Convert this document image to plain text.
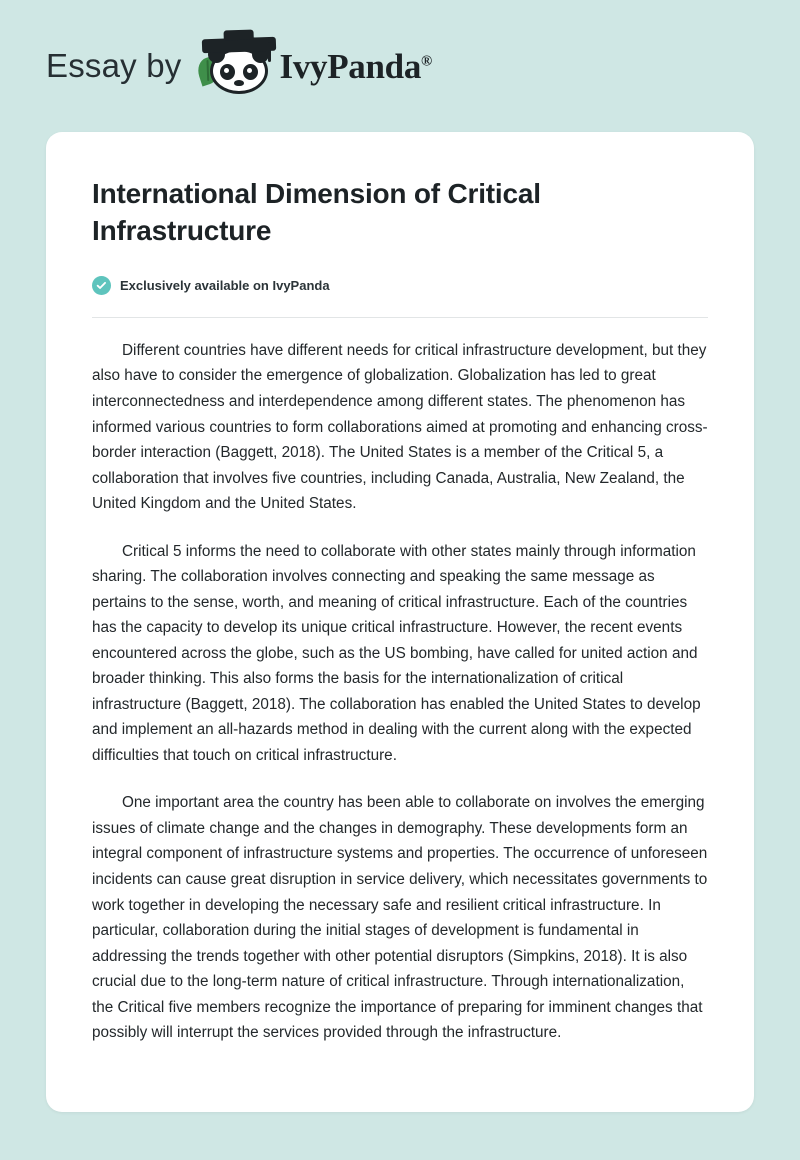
Essay by	IvyPanda®
International Dimension of Critical Infrastructure
Exclusively available on IvyPanda

Different countries have different needs for critical infrastructure development, but they also have to consider the emergence of globalization. Globalization has led to great interconnectedness and interdependence among different states. The phenomenon has informed various countries to form collaborations aimed at promoting and enhancing cross-border interaction (Baggett, 2018). The United States is a member of the Critical 5, a collaboration that involves five countries, including Canada, Australia, New Zealand, the United Kingdom and the United States.

Critical 5 informs the need to collaborate with other states mainly through information sharing. The collaboration involves connecting and speaking the same message as pertains to the sense, worth, and meaning of critical infrastructure. Each of the countries has the capacity to develop its unique critical infrastructure. However, the recent events encountered across the globe, such as the US bombing, have called for united action and broader thinking. This also forms the basis for the internationalization of critical infrastructure (Baggett, 2018). The collaboration has enabled the United States to develop and implement an all-hazards method in dealing with the current along with the expected difficulties that touch on critical infrastructure.

One important area the country has been able to collaborate on involves the emerging issues of climate change and the changes in demography. These developments form an integral component of infrastructure systems and properties. The occurrence of unforeseen incidents can cause great disruption in service delivery, which necessitates governments to work together in developing the necessary safe and resilient critical infrastructure. In particular, collaboration during the initial stages of development is fundamental in addressing the trends together with other potential disruptors (Simpkins, 2018). It is also crucial due to the long-term nature of critical infrastructure. Through internationalization, the Critical five members recognize the importance of preparing for imminent changes that possibly will interrupt the services provided through the infrastructure.
